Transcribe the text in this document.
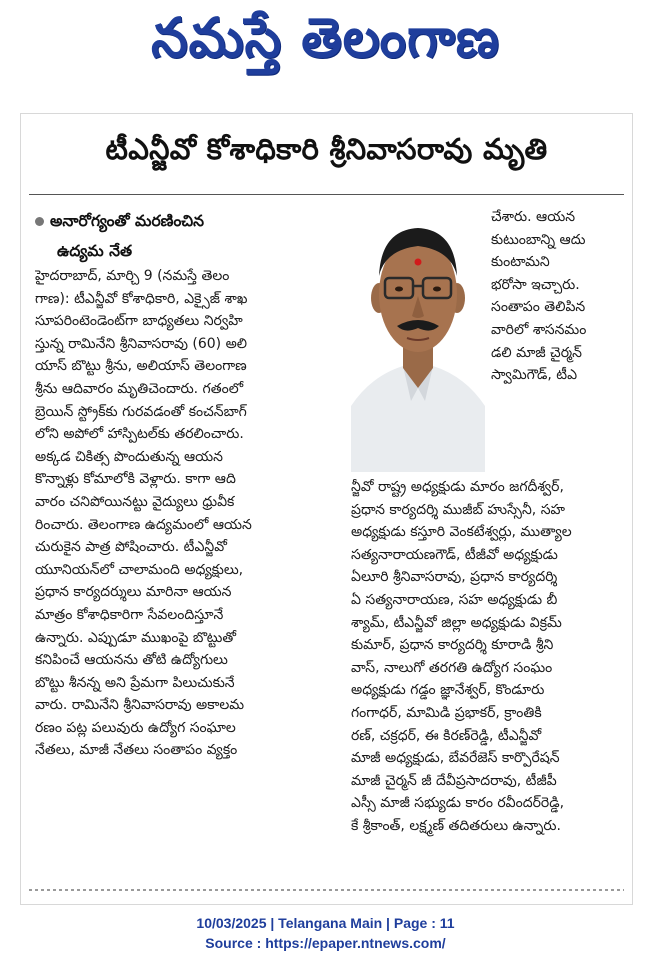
నమస్తే తెలంగాణ
టీఎన్జీవో కోశాధికారి శ్రీనివాసరావు మృతి
అనారోగ్యంతో మరణించిన
ఉద్యమ నేత
హైదరాబాద్, మార్చి 9 (నమస్తే తెలం
గాణ): టీఎన్జీవో కోశాధికారి, ఎక్సైజ్ శాఖ
సూపరింటెండెంట్‌గా బాధ్యతలు నిర్వహి
స్తున్న రామినేని శ్రీనివాసరావు (60) అలి
యాస్ బొట్టు శ్రీను, అలియాస్ తెలంగాణ
శ్రీను ఆదివారం మృతిచెందారు. గతంలో
బ్రెయిన్ స్ట్రోక్‌కు గురవడంతో కంచన్‌బాగ్
లోని అపోలో హాస్పిటల్‌కు తరలించారు.
అక్కడ చికిత్స పొందుతున్న ఆయన
కొన్నాళ్లు కోమాలోకి వెళ్లారు. కాగా ఆది
వారం చనిపోయినట్టు వైద్యులు ధ్రువీక
రించారు. తెలంగాణ ఉద్యమంలో ఆయన
చురుకైన పాత్ర పోషించారు. టీఎన్జీవో
యూనియన్‌లో చాలామంది అధ్యక్షులు,
ప్రధాన కార్యదర్శులు మారినా ఆయన
మాత్రం కోశాధికారిగా సేవలందిస్తూనే
ఉన్నారు. ఎప్పుడూ ముఖంపై బొట్టుతో
కనిపించే ఆయనను తోటి ఉద్యోగులు
బొట్టు శీనన్న అని ప్రేమగా పిలుచుకునే
వారు. రామినేని శ్రీనివాసరావు అకాలమ
రణం పట్ల పలువురు ఉద్యోగ సంఘాల
నేతలు, మాజీ నేతలు సంతాపం వ్యక్తం
చేశారు. ఆయన
కుటుంబాన్ని ఆదు
కుంటామని
భరోసా ఇచ్చారు.
సంతాపం తెలిపిన
వారిలో శాసనమం
డలి మాజీ చైర్మన్
స్వామిగౌడ్, టీఎ
న్జీవో రాష్ట్ర అధ్యక్షుడు మారం జగదీశ్వర్,
ప్రధాన కార్యదర్శి ముజీబ్ హుస్సేనీ, సహ
అధ్యక్షుడు కస్తూరి వెంకటేశ్వర్లు, ముత్యాల
సత్యనారాయణగౌడ్, టీజీవో అధ్యక్షుడు
ఏలూరి శ్రీనివాసరావు, ప్రధాన కార్యదర్శి
ఏ సత్యనారాయణ, సహ అధ్యక్షుడు బీ
శ్యామ్, టీఎన్జీవో జిల్లా అధ్యక్షుడు విక్రమ్
కుమార్, ప్రధాన కార్యదర్శి కూరాడి శ్రీని
వాస్, నాలుగో తరగతి ఉద్యోగ సంఘం
అధ్యక్షుడు గడ్డం జ్ఞానేశ్వర్, కొండూరు
గంగాధర్, మామిడి ప్రభాకర్, క్రాంతికి
రణ్, చక్రధర్, ఈ కిరణ్‌రెడ్డి, టీఎన్జీవో
మాజీ అధ్యక్షుడు, బేవరేజెస్ కార్పొరేషన్
మాజీ చైర్మన్ జీ దేవీప్రసాదరావు, టీజీపీ
ఎస్సీ మాజీ సభ్యుడు కారం రవీందర్‌రెడ్డి,
కే శ్రీకాంత్, లక్ష్మణ్ తదితరులు ఉన్నారు.
10/03/2025 | Telangana Main | Page : 11
Source : https://epaper.ntnews.com/
